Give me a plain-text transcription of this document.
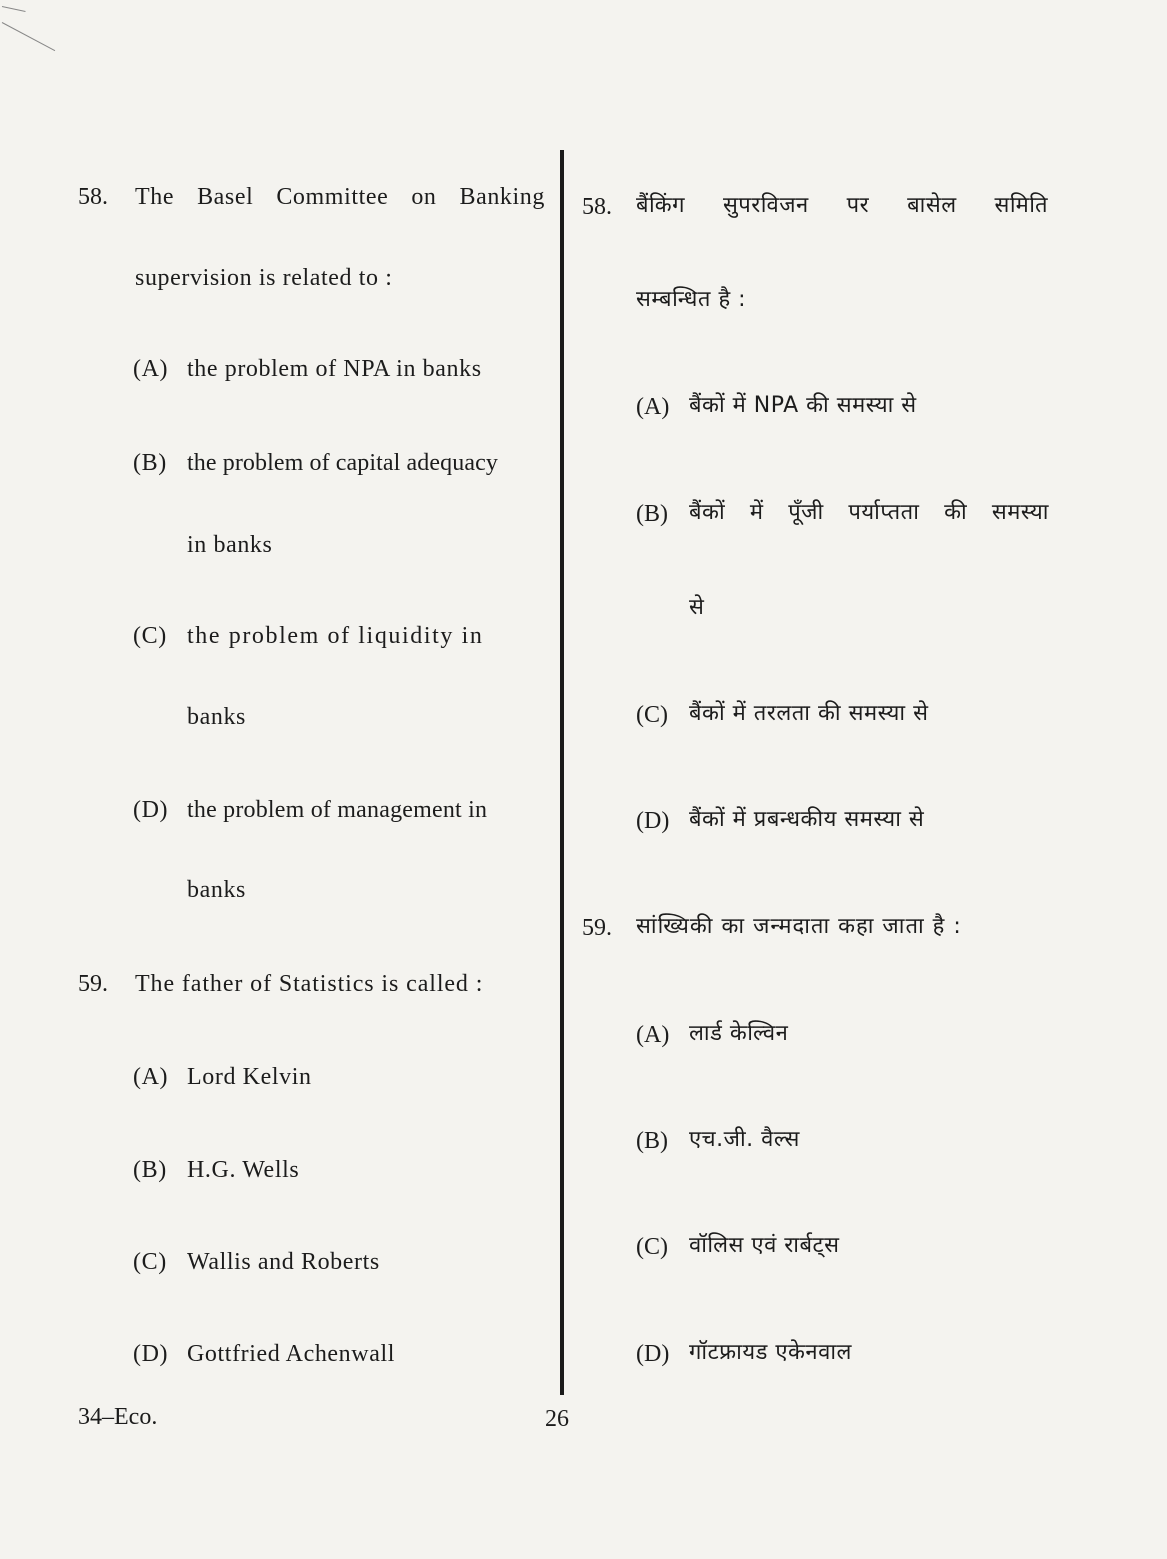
58. The Basel Committee on Banking
supervision is related to :
(A) the problem of NPA in banks
(B) the problem of capital adequacy
in banks
(C) the problem of liquidity in
banks
(D) the problem of management in
banks
59. The father of Statistics is called :
(A) Lord Kelvin
(B) H.G. Wells
(C) Wallis and Roberts
(D) Gottfried Achenwall
58. बैंकिंग सुपरविजन पर बासेल समिति
सम्बन्धित है :
(A) बैंकों में NPA की समस्या से
(B) बैंकों में पूँजी पर्याप्तता की समस्या
से
(C) बैंकों में तरलता की समस्या से
(D) बैंकों में प्रबन्धकीय समस्या से
59. सांख्यिकी का जन्मदाता कहा जाता है :
(A) लार्ड केल्विन
(B) एच.जी. वैल्स
(C) वॉलिस एवं रार्बट्स
(D) गॉटफ्रायड एकेनवाल
34–Eco.	26
